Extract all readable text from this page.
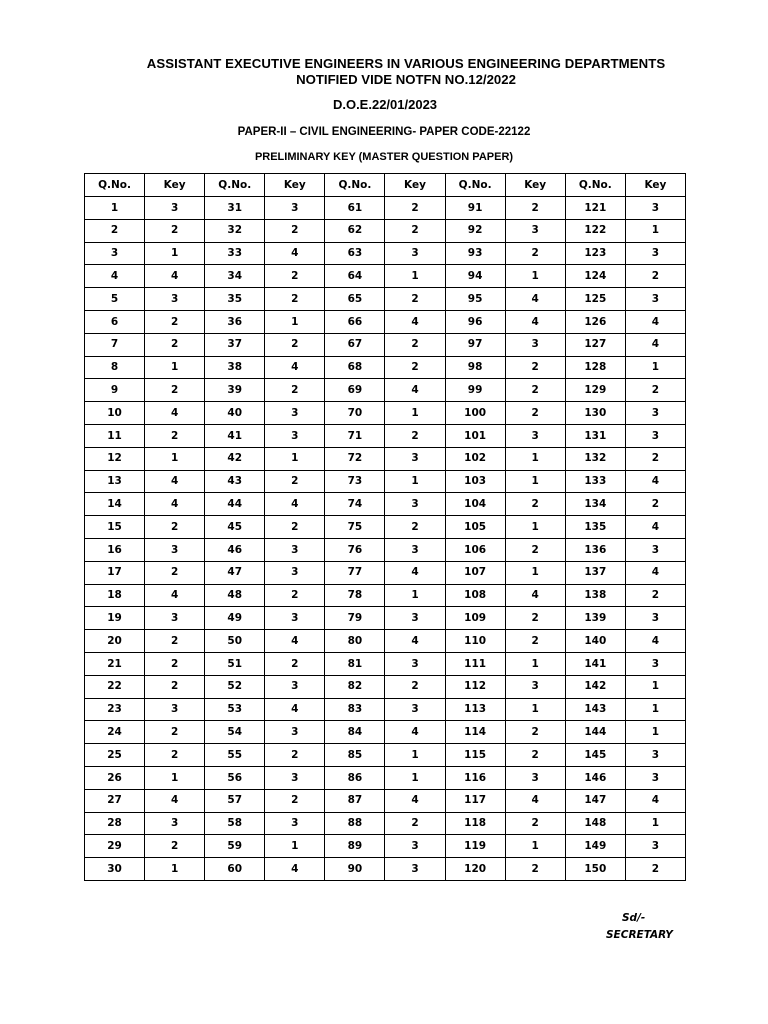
ASSISTANT EXECUTIVE ENGINEERS IN VARIOUS ENGINEERING DEPARTMENTS
NOTIFIED VIDE NOTFN NO.12/2022
D.O.E.22/01/2023
PAPER-II – CIVIL ENGINEERING- PAPER CODE-22122
PRELIMINARY KEY (MASTER QUESTION PAPER)
Q.No.	Key	Q.No.	Key	Q.No.	Key	Q.No.	Key	Q.No.	Key
1	3	31	3	61	2	91	2	121	3
2	2	32	2	62	2	92	3	122	1
3	1	33	4	63	3	93	2	123	3
4	4	34	2	64	1	94	1	124	2
5	3	35	2	65	2	95	4	125	3
6	2	36	1	66	4	96	4	126	4
7	2	37	2	67	2	97	3	127	4
8	1	38	4	68	2	98	2	128	1
9	2	39	2	69	4	99	2	129	2
10	4	40	3	70	1	100	2	130	3
11	2	41	3	71	2	101	3	131	3
12	1	42	1	72	3	102	1	132	2
13	4	43	2	73	1	103	1	133	4
14	4	44	4	74	3	104	2	134	2
15	2	45	2	75	2	105	1	135	4
16	3	46	3	76	3	106	2	136	3
17	2	47	3	77	4	107	1	137	4
18	4	48	2	78	1	108	4	138	2
19	3	49	3	79	3	109	2	139	3
20	2	50	4	80	4	110	2	140	4
21	2	51	2	81	3	111	1	141	3
22	2	52	3	82	2	112	3	142	1
23	3	53	4	83	3	113	1	143	1
24	2	54	3	84	4	114	2	144	1
25	2	55	2	85	1	115	2	145	3
26	1	56	3	86	1	116	3	146	3
27	4	57	2	87	4	117	4	147	4
28	3	58	3	88	2	118	2	148	1
29	2	59	1	89	3	119	1	149	3
30	1	60	4	90	3	120	2	150	2
Sd/-
SECRETARY
